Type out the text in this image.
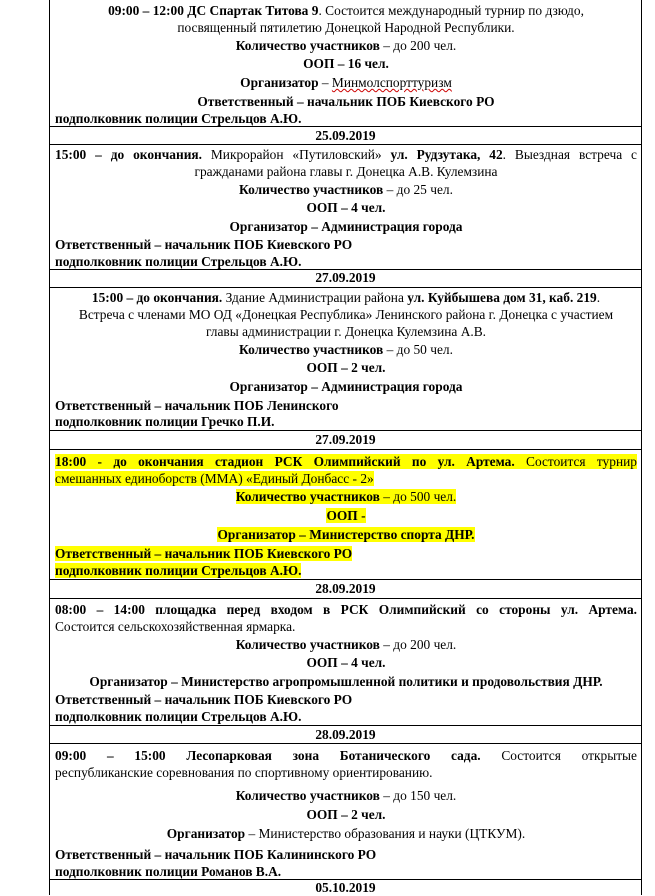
09:00 – 12:00 ДС Спартак Титова 9. Состоится международный турнир по дзюдо,
посвященный пятилетию Донецкой Народной Республики.
Количество участников – до 200 чел.
ООП – 16 чел.
Организатор – Минмолспорттуризм
Ответственный – начальник ПОБ Киевского РО
подполковник полиции Стрельцов А.Ю.
25.09.2019
15:00 – до окончания. Микрорайон «Путиловский» ул. Рудзутака, 42. Выездная встреча с
гражданами района главы г. Донецка А.В. Кулемзина
Количество участников – до 25 чел.
ООП – 4 чел.
Организатор – Администрация города
Ответственный – начальник ПОБ Киевского РО
подполковник полиции Стрельцов А.Ю.
27.09.2019
15:00 – до окончания. Здание Администрации района ул. Куйбышева дом 31, каб. 219.
Встреча с членами МО ОД «Донецкая Республика» Ленинского района г. Донецка с участием
главы администрации г. Донецка Кулемзина А.В.
Количество участников – до 50 чел.
ООП – 2 чел.
Организатор – Администрация города
Ответственный – начальник ПОБ Ленинского
подполковник полиции Гречко П.И.
27.09.2019
18:00 - до окончания стадион РСК Олимпийский по ул. Артема. Состоится турнир
смешанных единоборств (ММА) «Единый Донбасс - 2»
Количество участников – до 500 чел.
ООП -
Организатор – Министерство спорта ДНР.
Ответственный – начальник ПОБ Киевского РО
подполковник полиции Стрельцов А.Ю.
28.09.2019
08:00 – 14:00 площадка перед входом в РСК Олимпийский со стороны ул. Артема.
Состоится сельскохозяйственная ярмарка.
Количество участников – до 200 чел.
ООП – 4 чел.
Организатор – Министерство агропромышленной политики и продовольствия ДНР.
Ответственный – начальник ПОБ Киевского РО
подполковник полиции Стрельцов А.Ю.
28.09.2019
09:00 – 15:00 Лесопарковая зона Ботанического сада. Состоится открытые
республиканские соревнования по спортивному ориентированию.
Количество участников – до 150 чел.
ООП – 2 чел.
Организатор – Министерство образования и науки (ЦТКУМ).
Ответственный – начальник ПОБ Калининского РО
подполковник полиции Романов В.А.
05.10.2019
